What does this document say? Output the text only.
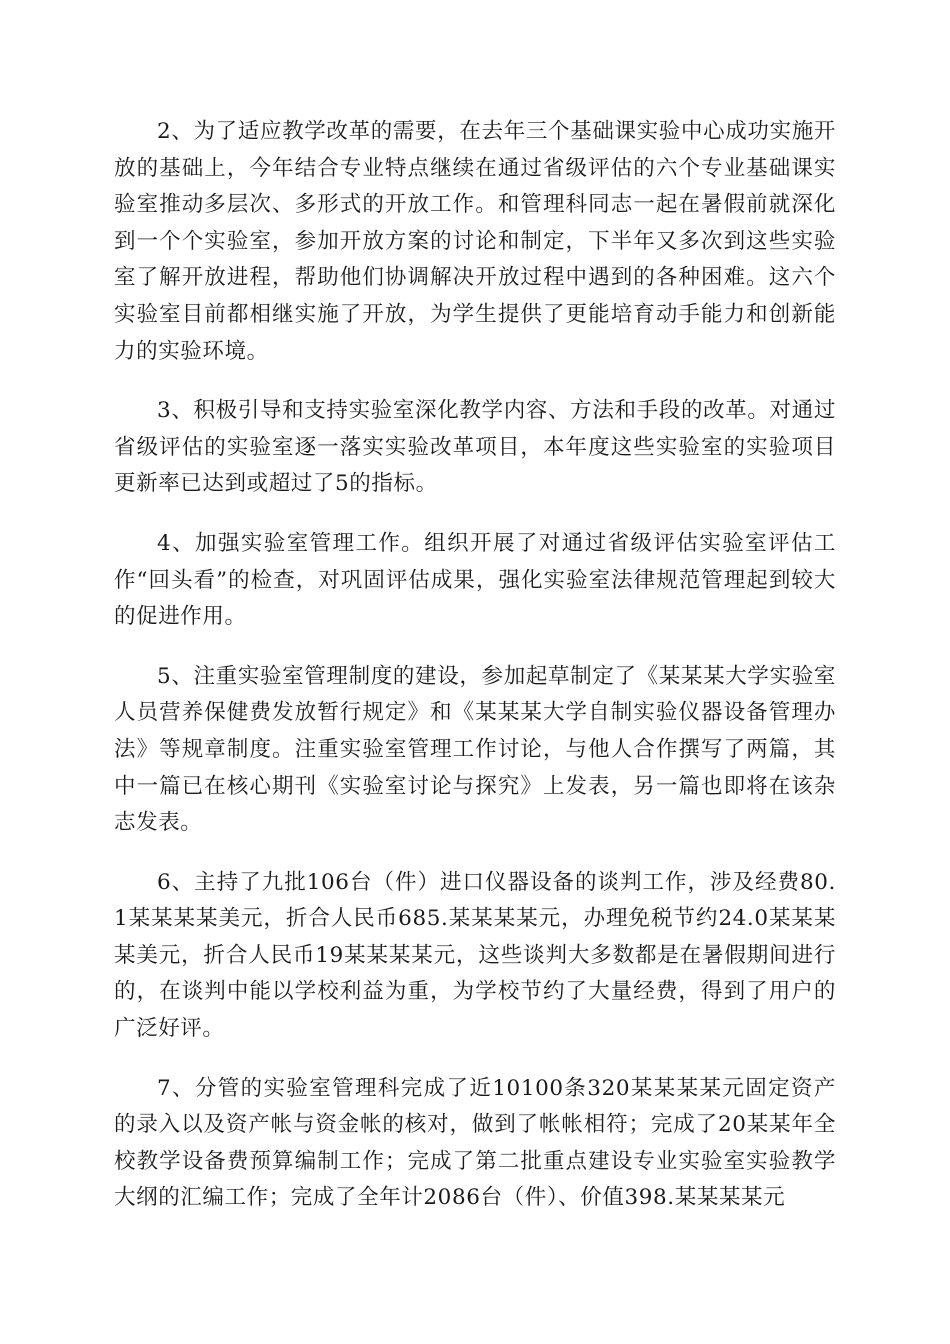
2、为了适应教学改革的需要，在去年三个基础课实验中心成功实施开放的基础上，今年结合专业特点继续在通过省级评估的六个专业基础课实验室推动多层次、多形式的开放工作。和管理科同志一起在暑假前就深化到一个个实验室，参加开放方案的讨论和制定，下半年又多次到这些实验室了解开放进程，帮助他们协调解决开放过程中遇到的各种困难。这六个实验室目前都相继实施了开放，为学生提供了更能培育动手能力和创新能力的实验环境。

3、积极引导和支持实验室深化教学内容、方法和手段的改革。对通过省级评估的实验室逐一落实实验改革项目，本年度这些实验室的实验项目更新率已达到或超过了5的指标。

4、加强实验室管理工作。组织开展了对通过省级评估实验室评估工作“回头看”的检查，对巩固评估成果，强化实验室法律规范管理起到较大的促进作用。

5、注重实验室管理制度的建设，参加起草制定了《某某某大学实验室人员营养保健费发放暂行规定》和《某某某大学自制实验仪器设备管理办法》等规章制度。注重实验室管理工作讨论，与他人合作撰写了两篇，其中一篇已在核心期刊《实验室讨论与探究》上发表，另一篇也即将在该杂志发表。

6、主持了九批106台（件）进口仪器设备的谈判工作，涉及经费80.1某某某某美元，折合人民币685.某某某某元，办理免税节约24.0某某某某美元，折合人民币19某某某某元，这些谈判大多数都是在暑假期间进行的，在谈判中能以学校利益为重，为学校节约了大量经费，得到了用户的广泛好评。

7、分管的实验室管理科完成了近10100条320某某某某元固定资产的录入以及资产帐与资金帐的核对，做到了帐帐相符；完成了20某某年全校教学设备费预算编制工作；完成了第二批重点建设专业实验室实验教学大纲的汇编工作；完成了全年计2086台（件）、价值398.某某某某元
